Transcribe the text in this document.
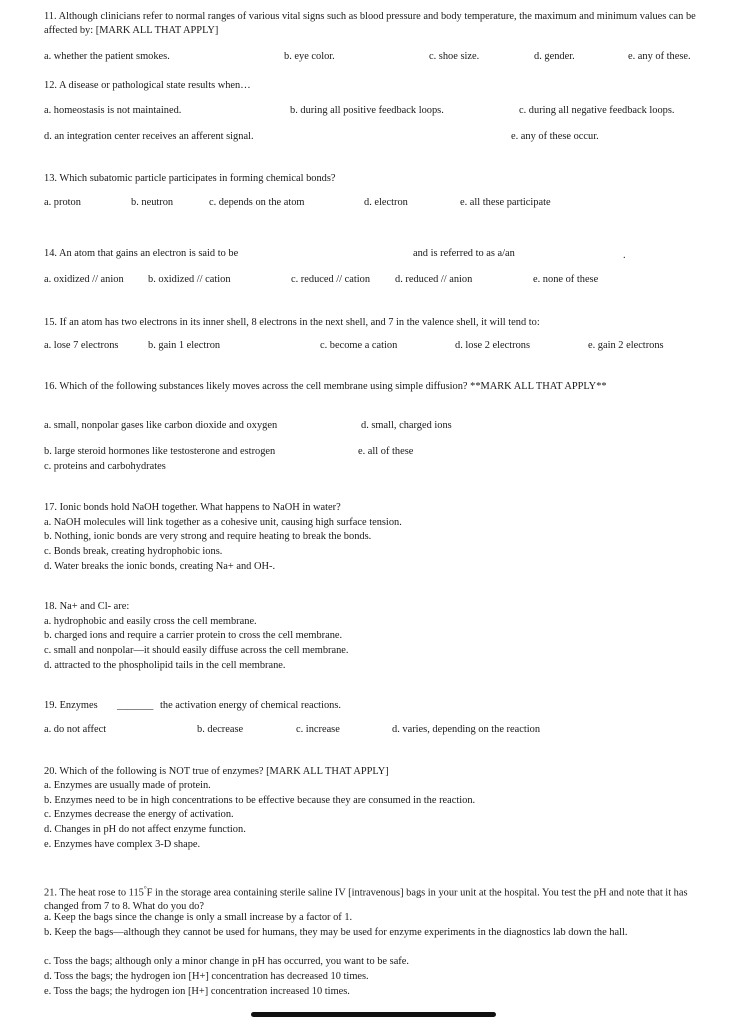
11. Although clinicians refer to normal ranges of various vital signs such as blood pressure and body temperature, the maximum and minimum values can be affected by: [MARK ALL THAT APPLY]
a. whether the patient smokes.	b. eye color.	c. shoe size.	d. gender.	e. any of these.
12. A disease or pathological state results when…
a. homeostasis is not maintained.	b. during all positive feedback loops.	c. during all negative feedback loops.
d. an integration center receives an afferent signal.	e. any of these occur.
13. Which subatomic particle participates in forming chemical bonds?
a. proton	b. neutron	c. depends on the atom	d. electron	e. all these participate
14. An atom that gains an electron is said to be	and is referred to as a/an	.
a. oxidized // anion b. oxidized // cation	c. reduced // cation d. reduced // anion	e. none of these
15. If an atom has two electrons in its inner shell, 8 electrons in the next shell, and 7 in the valence shell, it will tend to:
a. lose 7 electrons	b. gain 1 electron	c. become a cation	d. lose 2 electrons	e. gain 2 electrons
16. Which of the following substances likely moves across the cell membrane using simple diffusion? **MARK ALL THAT APPLY**
a. small, nonpolar gases like carbon dioxide and oxygen	d. small, charged ions
b. large steroid hormones like testosterone and estrogen	e. all of these
c. proteins and carbohydrates
17. Ionic bonds hold NaOH together. What happens to NaOH in water?
a. NaOH molecules will link together as a cohesive unit, causing high surface tension.
b. Nothing, ionic bonds are very strong and require heating to break the bonds.
c. Bonds break, creating hydrophobic ions.
d. Water breaks the ionic bonds, creating Na+ and OH-.
18. Na+ and Cl- are:
a. hydrophobic and easily cross the cell membrane.
b. charged ions and require a carrier protein to cross the cell membrane.
c. small and nonpolar—it should easily diffuse across the cell membrane.
d. attracted to the phospholipid tails in the cell membrane.
19. Enzymes _______ the activation energy of chemical reactions.
a. do not affect	b. decrease	c. increase	d. varies, depending on the reaction
20. Which of the following is NOT true of enzymes? [MARK ALL THAT APPLY]
a. Enzymes are usually made of protein.
b. Enzymes need to be in high concentrations to be effective because they are consumed in the reaction.
c. Enzymes decrease the energy of activation.
d. Changes in pH do not affect enzyme function.
e. Enzymes have complex 3-D shape.
21. The heat rose to 115°F in the storage area containing sterile saline IV [intravenous] bags in your unit at the hospital. You test the pH and note that it has changed from 7 to 8. What do you do?
a. Keep the bags since the change is only a small increase by a factor of 1.
b. Keep the bags—although they cannot be used for humans, they may be used for enzyme experiments in the diagnostics lab down the hall.
c. Toss the bags; although only a minor change in pH has occurred, you want to be safe.
d. Toss the bags; the hydrogen ion [H+] concentration has decreased 10 times.
e. Toss the bags; the hydrogen ion [H+] concentration increased 10 times.
